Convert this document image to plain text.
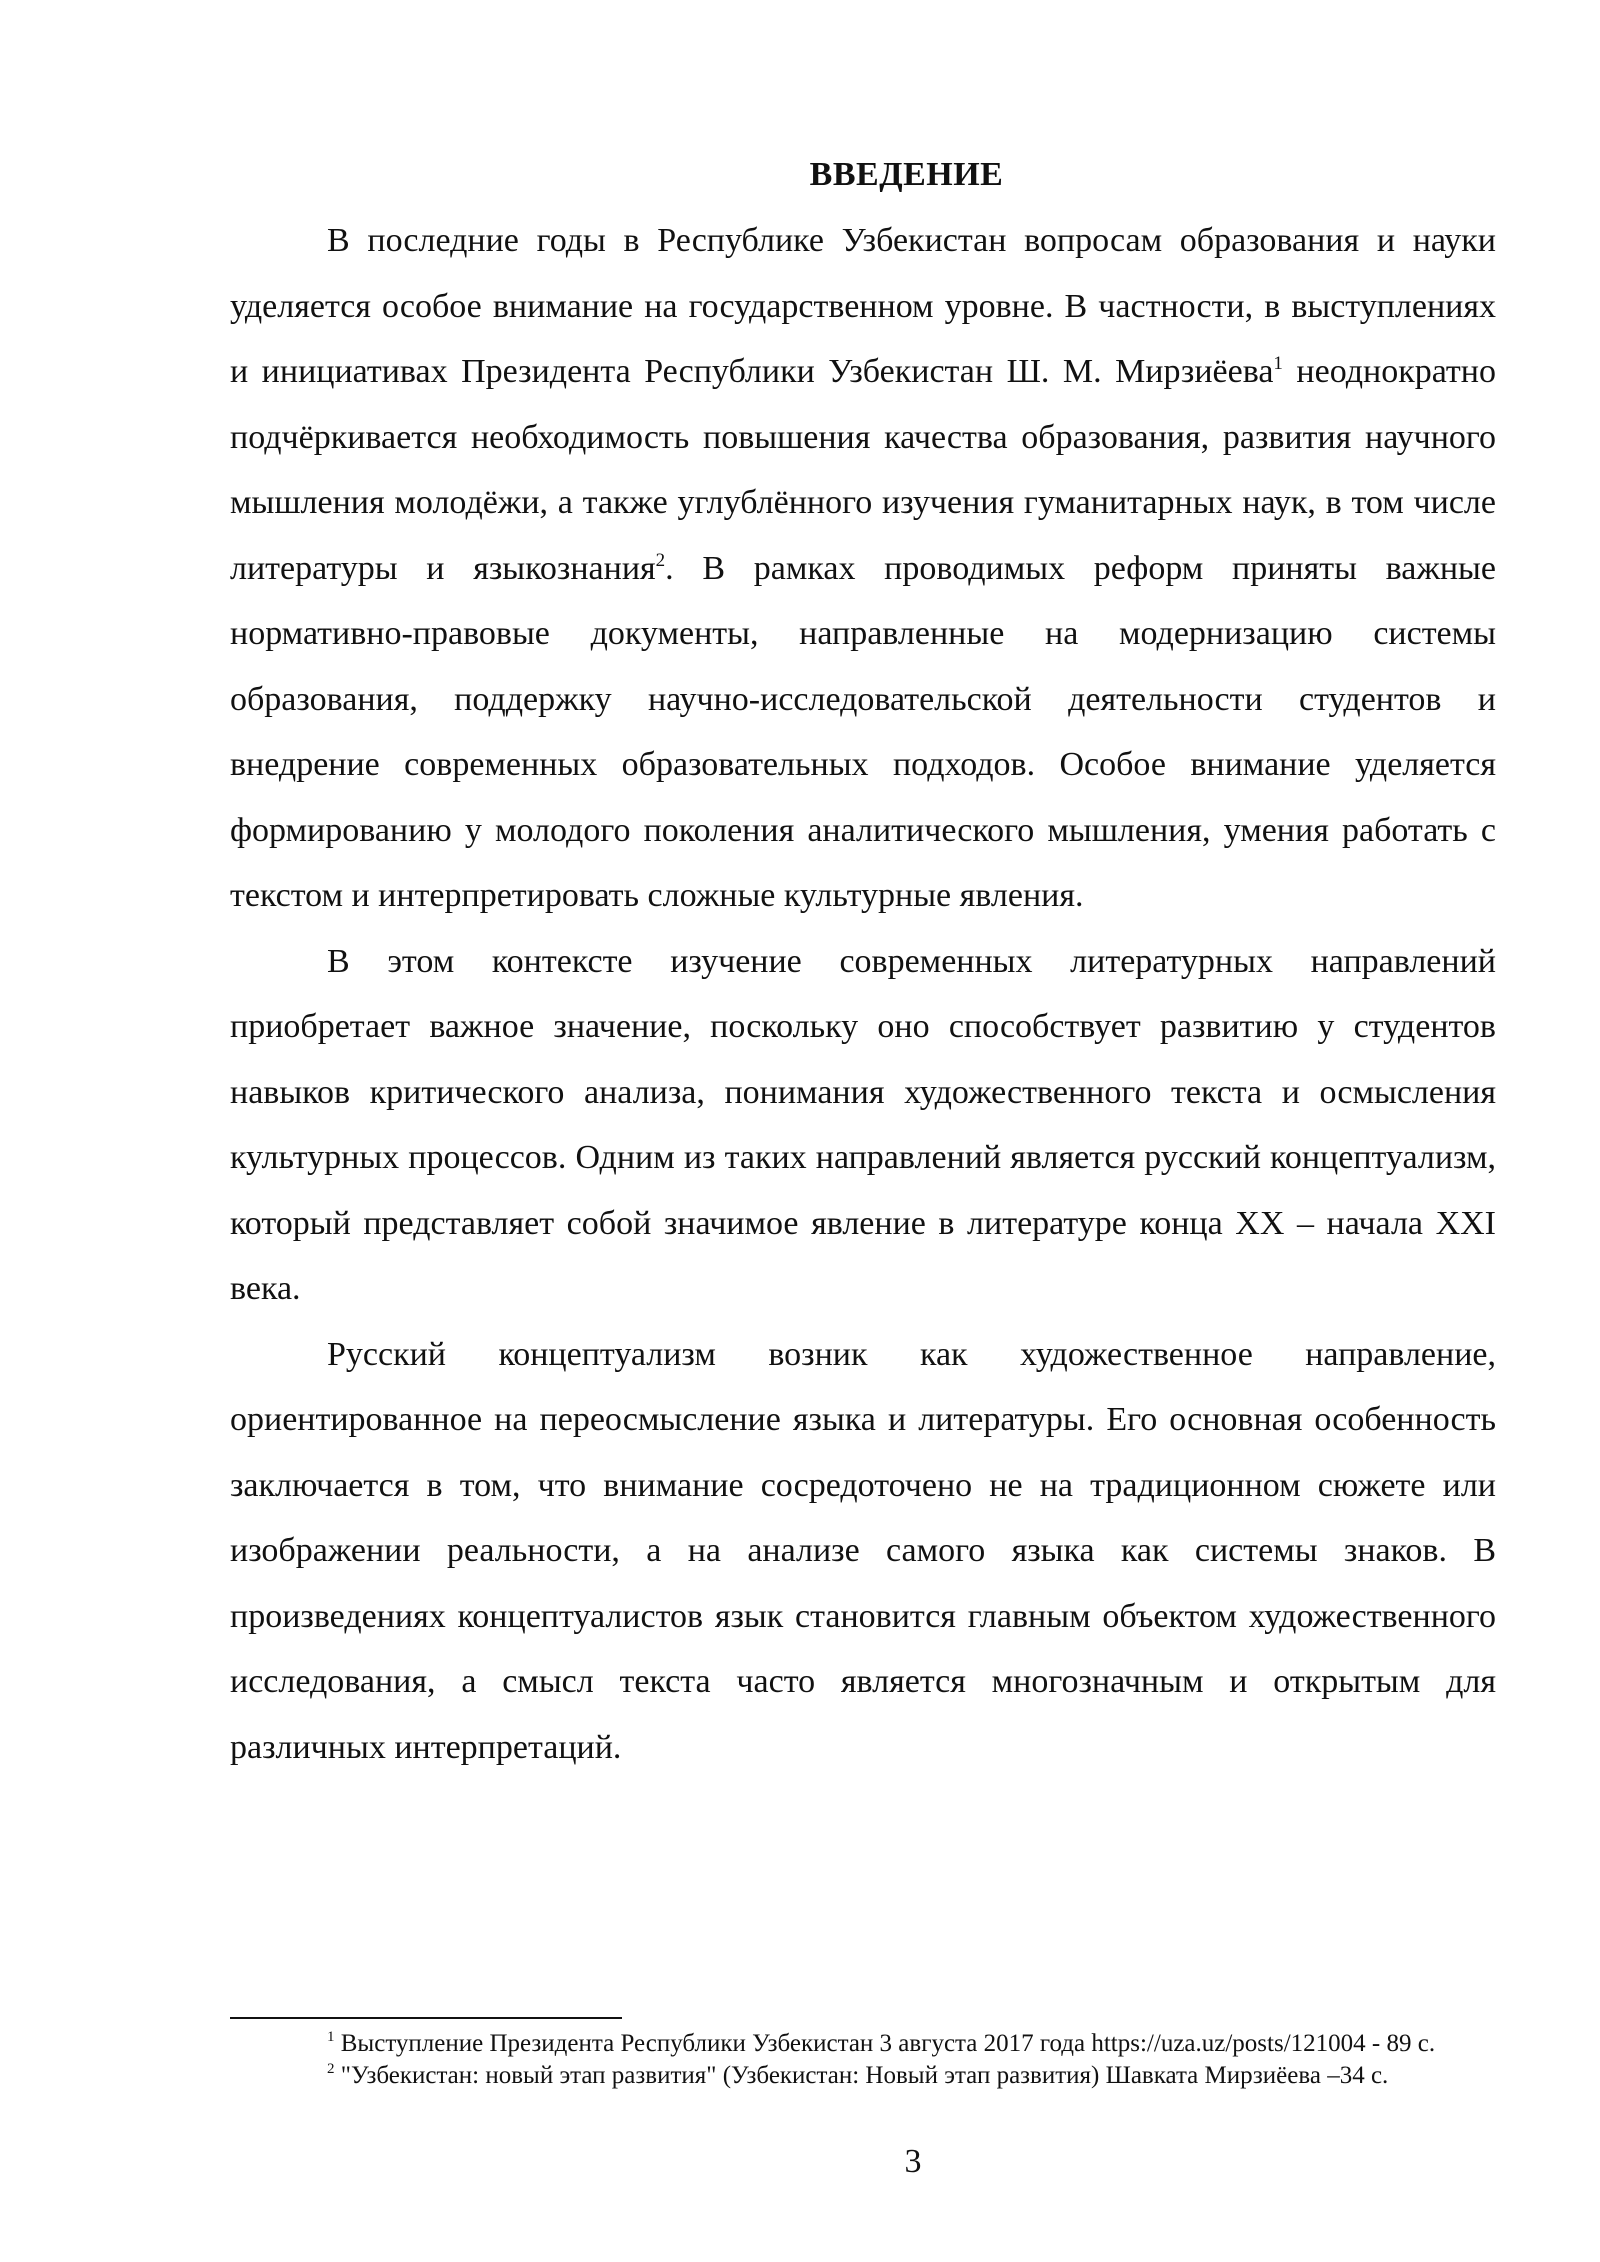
ВВЕДЕНИЕ

В последние годы в Республике Узбекистан вопросам образования и науки уделяется особое внимание на государственном уровне. В частности, в выступлениях и инициативах Президента Республики Узбекистан Ш. М. Мирзиёева$^1$ неоднократно подчёркивается необходимость повышения качества образования, развития научного мышления молодёжи, а также углублённого изучения гуманитарных наук, в том числе литературы и языкознания$^2$. В рамках проводимых реформ приняты важные нормативно-правовые документы, направленные на модернизацию системы образования, поддержку научно-исследовательской деятельности студентов и внедрение современных образовательных подходов. Особое внимание уделяется формированию у молодого поколения аналитического мышления, умения работать с текстом и интерпретировать сложные культурные явления.

В этом контексте изучение современных литературных направлений приобретает важное значение, поскольку оно способствует развитию у студентов навыков критического анализа, понимания художественного текста и осмысления культурных процессов. Одним из таких направлений является русский концептуализм, который представляет собой значимое явление в литературе конца XX – начала XXI века.

Русский концептуализм возник как художественное направление, ориентированное на переосмысление языка и литературы. Его основная особенность заключается в том, что внимание сосредоточено не на традиционном сюжете или изображении реальности, а на анализе самого языка как системы знаков. В произведениях концептуалистов язык становится главным объектом художественного исследования, а смысл текста часто является многозначным и открытым для различных интерпретаций.

$^1$ Выступление Президента Республики Узбекистан 3 августа 2017 года https://uza.uz/posts/121004 - 89 с.

$^2$ "Узбекистан: новый этап развития" (Узбекистан: Новый этап развития) Шавката Мирзиёева –34 с.

3
